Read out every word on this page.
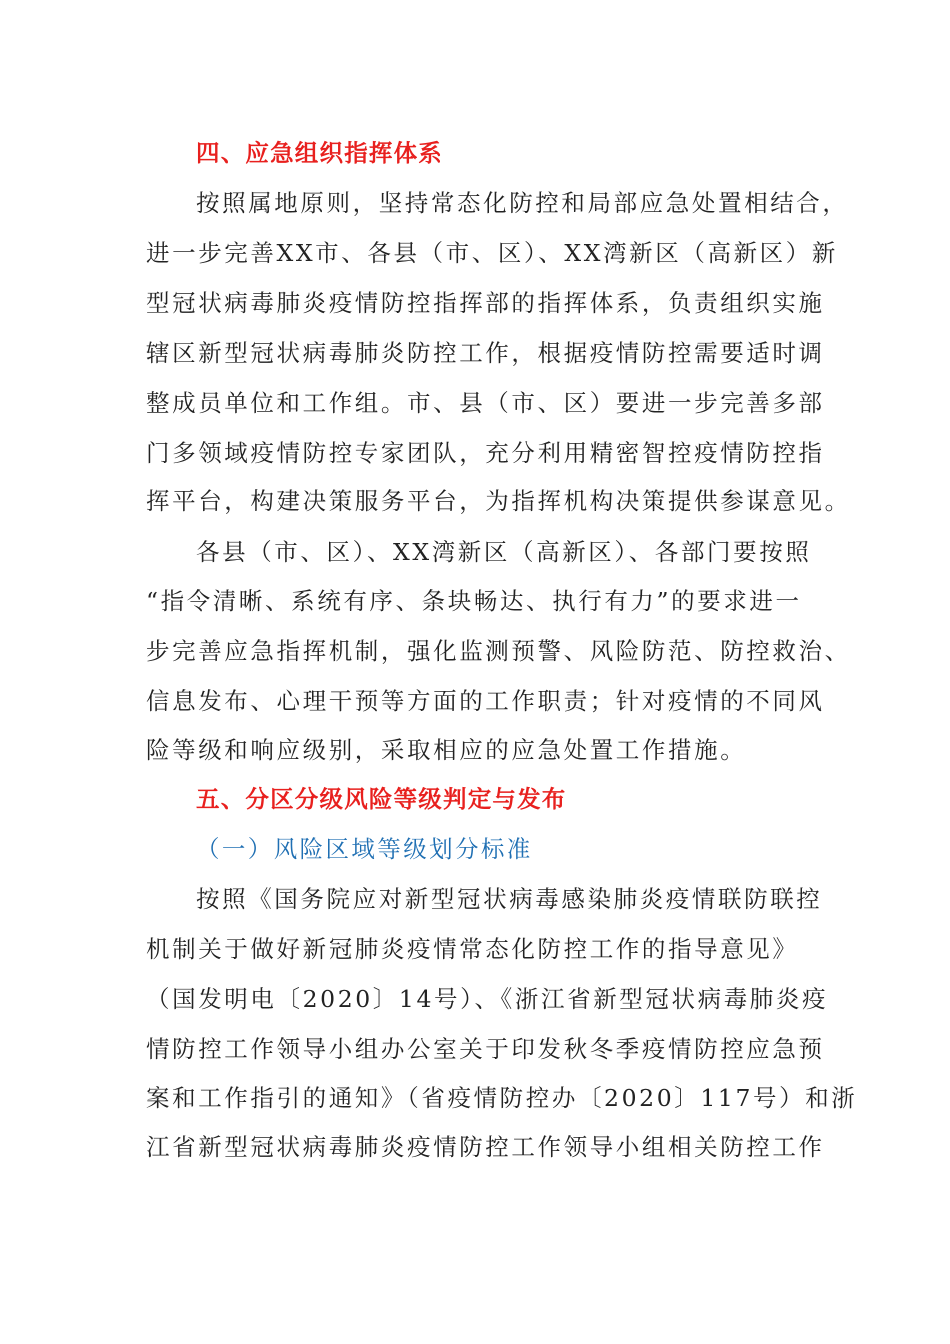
四、应急组织指挥体系
按照属地原则，坚持常态化防控和局部应急处置相结合，
进一步完善XX市、各县（市、区）、XX湾新区（高新区）新
型冠状病毒肺炎疫情防控指挥部的指挥体系，负责组织实施
辖区新型冠状病毒肺炎防控工作，根据疫情防控需要适时调
整成员单位和工作组。市、县（市、区）要进一步完善多部
门多领域疫情防控专家团队，充分利用精密智控疫情防控指
挥平台，构建决策服务平台，为指挥机构决策提供参谋意见。
各县（市、区）、XX湾新区（高新区）、各部门要按照
“指令清晰、系统有序、条块畅达、执行有力”的要求进一
步完善应急指挥机制，强化监测预警、风险防范、防控救治、
信息发布、心理干预等方面的工作职责；针对疫情的不同风
险等级和响应级别，采取相应的应急处置工作措施。
五、分区分级风险等级判定与发布
（一）风险区域等级划分标准
按照《国务院应对新型冠状病毒感染肺炎疫情联防联控
机制关于做好新冠肺炎疫情常态化防控工作的指导意见》
（国发明电〔2020〕14号）、《浙江省新型冠状病毒肺炎疫
情防控工作领导小组办公室关于印发秋冬季疫情防控应急预
案和工作指引的通知》（省疫情防控办〔2020〕117号）和浙
江省新型冠状病毒肺炎疫情防控工作领导小组相关防控工作
